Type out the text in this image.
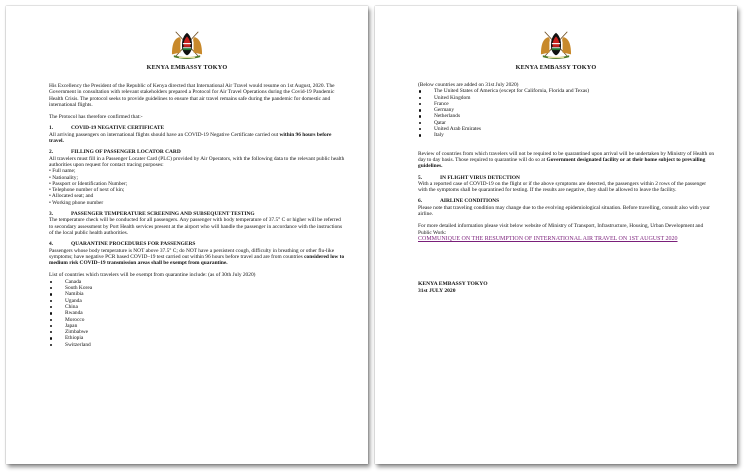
KENYA EMBASSY TOKYO

His Excellency the President of the Republic of Kenya directed that International Air Travel would resume on 1st August, 2020. The Government in consultation with relevant stakeholders prepared a Protocol for Air Travel Operations during the Covid-19 Pandemic Health Crisis. The protocol seeks to provide guidelines to ensure that air travel remains safe during the pandemic for domestic and international flights.

The Protocol has therefore confirmed that:-

1.	COVID-19 NEGATIVE CERTIFICATE

All arriving passengers on international flights should have an COVID-19 Negative Certificate carried out within 96 hours before travel.

2.	FILLING OF PASSENGER LOCATOR CARD

All travelers must fill in a Passenger Locater Card (PLC) provided by Air Operators, with the following data to the relevant public health authorities upon request for contact tracing purposes:

• Full name;

• Nationality;

• Passport or Identification Number;

• Telephone number of next of kin;

• Allocated seat; and

• Working phone number

3.	PASSENGER TEMPERATURE SCREENING AND SUBSEQUENT TESTING

The temperature check will be conducted for all passengers. Any passenger with body temperature of 37.5° C or higher will be referred to secondary assessment by Port Health services present at the airport who will handle the passenger in accordance with the instructions of the local public health authorities.

4.	QUARANTINE PROCEDURES FOR PASSENGERS

Passengers whose body temperature is NOT above 37.5° C; do NOT have a persistent cough, difficulty in breathing or other flu-like symptoms; have negative PCR based COVID–19 test carried out within 96 hours before travel and are from countries considered low to medium risk COVID–19 transmission areas shall be exempt from quarantine.

List of countries which travelers will be exempt from quarantine include: (as of 30th July 2020)

Canada
South Korea
Namibia
Uganda
China
Rwanda
Morocco
Japan
Zimbabwe
Ethiopia
Switzerland
KENYA EMBASSY TOKYO

(Below countries are added on 31st July 2020)

The United States of America (except for California, Florida and Texas)
United Kingdom
France
Germany
Netherlands
Qatar
United Arab Emirates
Italy

Review of countries from which travelers will not be required to be quarantined upon arrival will be undertaken by Ministry of Health on day to day basis. Those required to quarantine will do so at Government designated facility or at their home subject to prevailing guidelines.

5.	IN FLIGHT VIRUS DETECTION

With a reported case of COVID-19 on the flight or if the above symptoms are detected, the passengers within 2 rows of the passenger with the symptoms shall be quarantined for testing. If the results are negative, they shall be allowed to leave the facility.

6.	AIRLINE CONDITIONS

Please note that traveling condition may change due to the evolving epidemiological situation. Before travelling, consult also with your airline.

For more detailed information please visit below website of Ministry of Transport, Infrastructure, Housing, Urban Development and Public Work:

COMMUNIQUE ON THE RESUMPTION OF INTERNATIONAL AIR TRAVEL ON 1ST AUGUST 2020

KENYA EMBASSY TOKYO

31st JULY 2020
